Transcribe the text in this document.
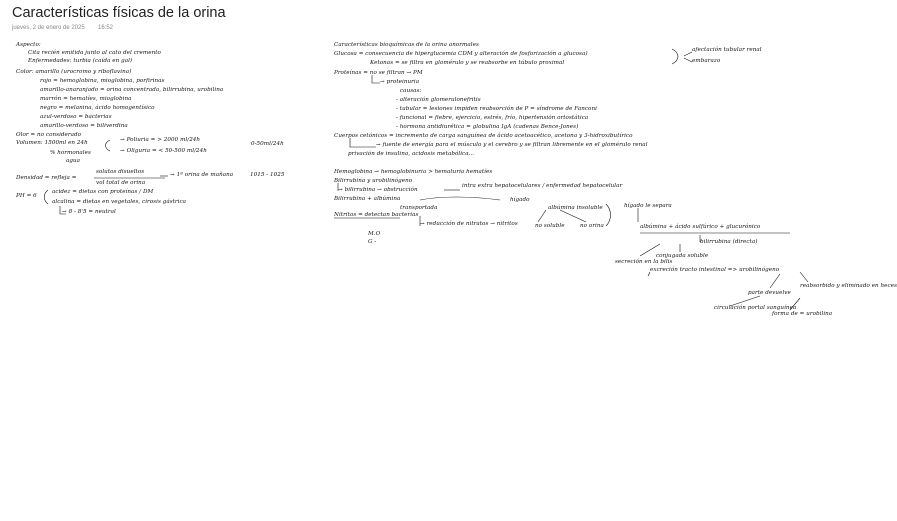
Características físicas de la orina
jueves, 2 de enero de 2025 16:52
Aspecto:
Cita recién emitida junto al cato del cremento
Enfermedades: turbia (caída en gal)
Color: amarillo (urocromo y riboflavina)
rojo = hemoglobina, mioglobina, porfirinas
amarillo-anaranjado = orina concentrada, bilirrubina, urobilina
marrón = hematíes, mioglobina
negro = melanina, ácido homogentísico
azul-verdoso = bacterias
amarillo-verdoso = biliverdina
Olor = no considerado
Volumen: 1500ml en 24h	→ Poliuria = > 2000 ml/24h
→ Oliguria = < 50-500 ml/24h
0-50ml/24h
% hormonales
agua
Densidad = refleja =
solutos disueltos
vol total de orina
→ 1ª orina de mañana	1015 - 1025
PH = 6
acidez = dietas con proteínas / DM
alcalina = dietas en vegetales, cirosis gástrica
→ 8 - 8'5 = neutral
Características bioquímicas de la orina anormales
Glucosa = consecuencia de hiperglucemia CDM y alteración de fosforización a glucosa)
afectación tubular renal
Ketonas = se filtra en glomérulo y se reabsorbe en túbulo proximal	embarazo
Proteínas = no se filtran → PM
→ proteinuria
causas:
- alteración glomerulonefritis
- tubular = lesiones impiden reabsorción de P = síndrome de Fanconi
- funcional = fiebre, ejercicio, estrés, frío, hipertensión ortostática
- hormona antidiurética = globulina IgA (cadenas Bence-Jones)
Cuerpos cetónicos = incremento de carga sanguínea de ácido acetoacético, acetona y 3-hidroxibutírico
→ fuente de energía para el músculo y el cerebro y se filtran libremente en el glomérulo renal
privación de insulina, acidosis metabólica...
Hemoglobina → hemoglobinuria > hematuria hematíes
Bilirrubina y urobilinógeno
→ bilirrubina → obstrucción
intra extra hepatocelulares / enfermedad hepatocelular
Bilirrubina + albúmina
transportada
hígado
Nitritos = detectan bacterias
→ reducción de nitratos → nitritos
M.O
G -
albúmina insoluble
no soluble	no orina
hígado le separa
albúmina + ácido sulfúrico + glucurónico
bilirrubina (directa)
conjugada soluble
secreción en la bilis
excreción tracto intestinal => urobilinógeno
reabsorbido y eliminado en heces
parte devuelve
circulación portal sanguínea
forma de = urobilina
